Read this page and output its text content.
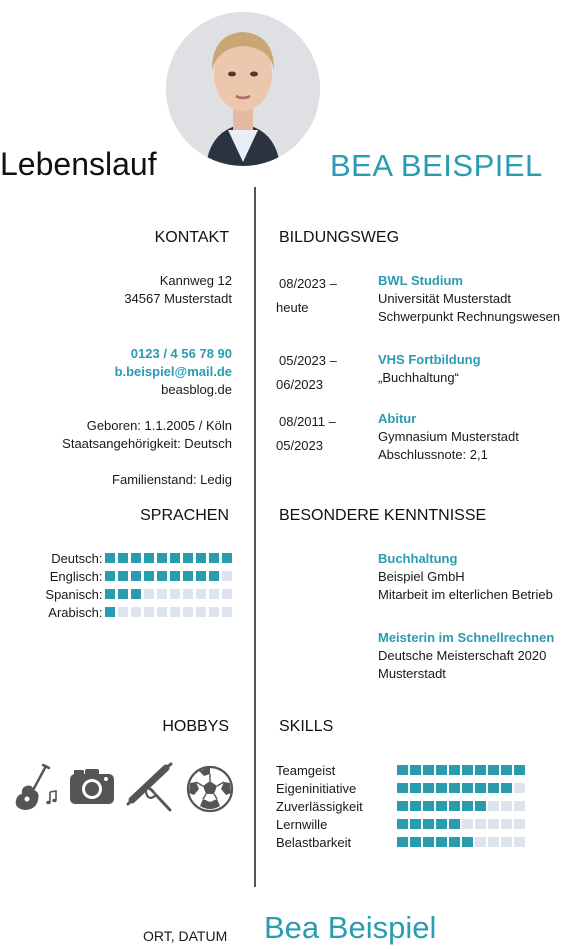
Lebenslauf	BEA BEISPIEL
KONTAKT
Kannweg 12
34567 Musterstadt
0123 / 4 56 78 90
b.beispiel@mail.de
beasblog.de
Geboren: 1.1.2005 / Köln
Staatsangehörigkeit: Deutsch
Familienstand: Ledig
BILDUNGSWEG
08/2023 –
heute
BWL Studium
Universität Musterstadt
Schwerpunkt Rechnungswesen
05/2023 –
06/2023
VHS Fortbildung
„Buchhaltung“
08/2011 –
05/2023
Abitur
Gymnasium Musterstadt
Abschlussnote: 2,1
SPRACHEN
Deutsch:
Englisch:
Spanisch:
Arabisch:
BESONDERE KENNTNISSE
Buchhaltung
Beispiel GmbH
Mitarbeit im elterlichen Betrieb
Meisterin im Schnellrechnen
Deutsche Meisterschaft 2020
Musterstadt
HOBBYS	SKILLS
Teamgeist
Eigeninitiative
Zuverlässigkeit
Lernwille
Belastbarkeit
ORT, DATUM Bea Beispiel
